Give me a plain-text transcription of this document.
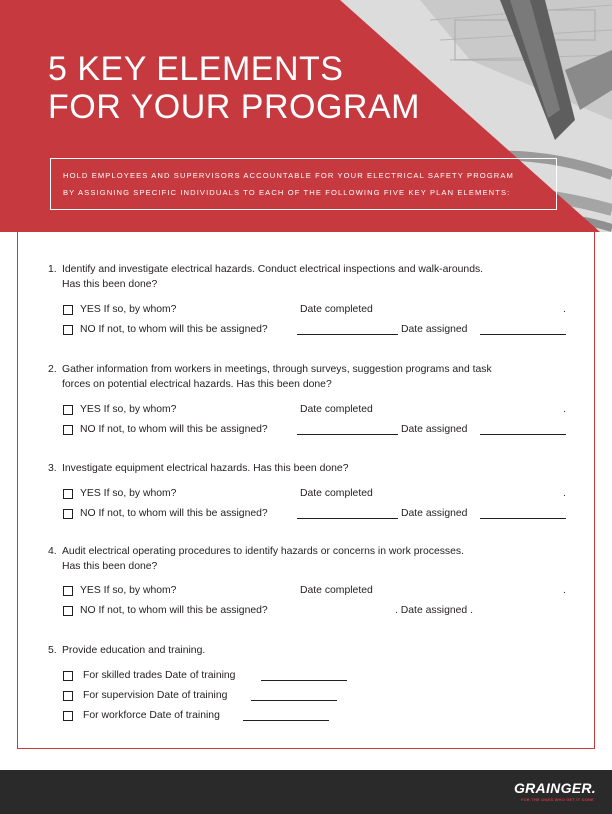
5 KEY ELEMENTS
FOR YOUR PROGRAM
HOLD EMPLOYEES AND SUPERVISORS ACCOUNTABLE FOR YOUR ELECTRICAL SAFETY PROGRAM
BY ASSIGNING SPECIFIC INDIVIDUALS TO EACH OF THE FOLLOWING FIVE KEY PLAN ELEMENTS:
1. Identify and investigate electrical hazards. Conduct electrical inspections and walk-arounds.
Has this been done?
YES If so, by whom?	Date completed	.
NO If not, to whom will this be assigned?	Date assigned
2. Gather information from workers in meetings, through surveys, suggestion programs and task
forces on potential electrical hazards. Has this been done?
YES If so, by whom?	Date completed	.
NO If not, to whom will this be assigned?	Date assigned
3. Investigate equipment electrical hazards. Has this been done?
YES If so, by whom?	Date completed	.
NO If not, to whom will this be assigned?	Date assigned
4. Audit electrical operating procedures to identify hazards or concerns in work processes.
Has this been done?
YES If so, by whom?	Date completed	.
NO If not, to whom will this be assigned?	. Date assigned .
5. Provide education and training.
For skilled trades Date of training
For supervision Date of training
For workforce Date of training
GRAINGER.
FOR THE ONES WHO GET IT DONE
